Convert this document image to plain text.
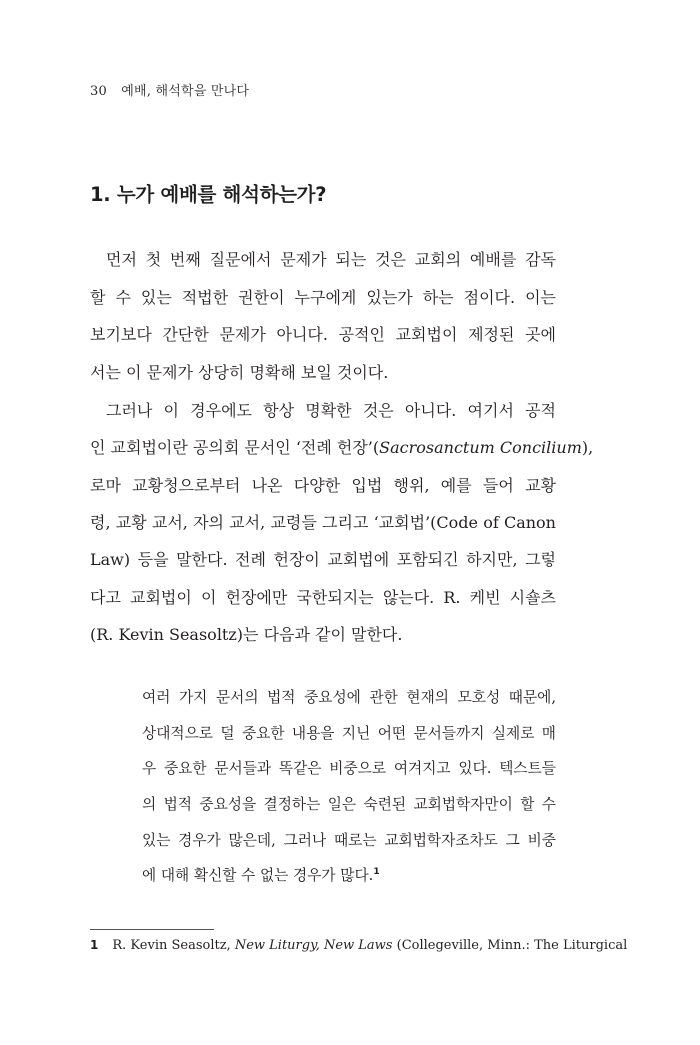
30 예배, 해석학을 만나다
1. 누가 예배를 해석하는가?
먼저 첫 번째 질문에서 문제가 되는 것은 교회의 예배를 감독
할 수 있는 적법한 권한이 누구에게 있는가 하는 점이다. 이는
보기보다 간단한 문제가 아니다. 공적인 교회법이 제정된 곳에
서는 이 문제가 상당히 명확해 보일 것이다.
그러나 이 경우에도 항상 명확한 것은 아니다. 여기서 공적
인 교회법이란 공의회 문서인 ‘전례 헌장’(Sacrosanctum Concilium),
로마 교황청으로부터 나온 다양한 입법 행위, 예를 들어 교황
령, 교황 교서, 자의 교서, 교령들 그리고 ‘교회법’(Code of Canon
Law) 등을 말한다. 전례 헌장이 교회법에 포함되긴 하지만, 그렇
다고 교회법이 이 헌장에만 국한되지는 않는다. R. 케빈 시숄츠
(R. Kevin Seasoltz)는 다음과 같이 말한다.
여러 가지 문서의 법적 중요성에 관한 현재의 모호성 때문에,
상대적으로 덜 중요한 내용을 지닌 어떤 문서들까지 실제로 매
우 중요한 문서들과 똑같은 비중으로 여겨지고 있다. 텍스트들
의 법적 중요성을 결정하는 일은 숙련된 교회법학자만이 할 수
있는 경우가 많은데, 그러나 때로는 교회법학자조차도 그 비중
에 대해 확신할 수 없는 경우가 많다.$^1$
1 R. Kevin Seasoltz, New Liturgy, New Laws (Collegeville, Minn.: The Liturgical
